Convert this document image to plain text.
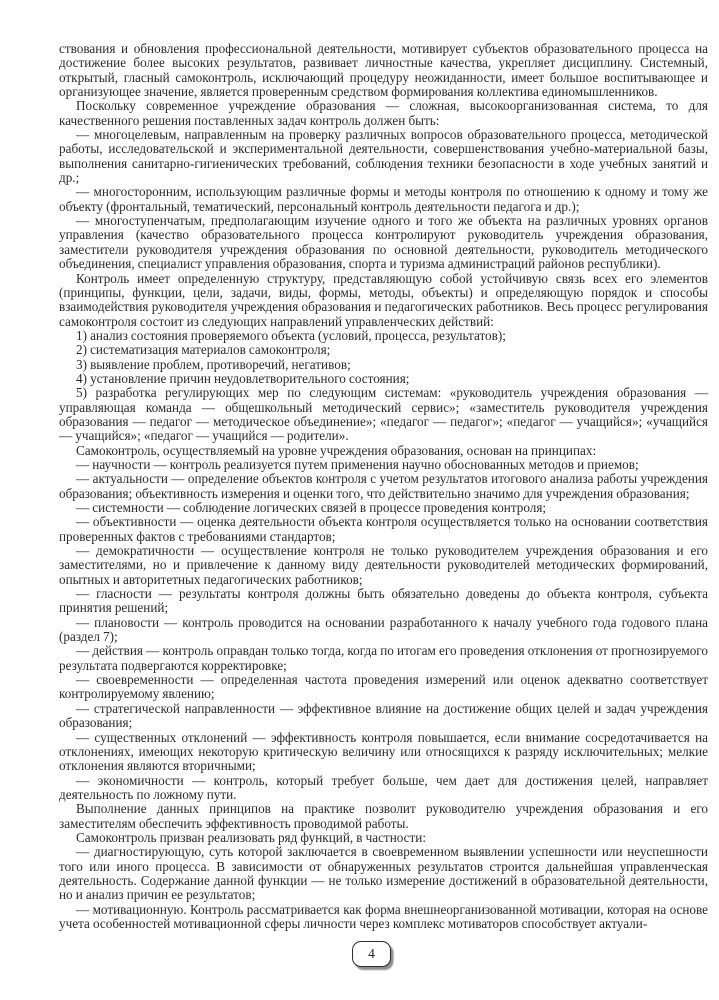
ствования и обновления профессиональной деятельности, мотивирует субъектов образовательного процесса на достижение более высоких результатов, развивает личностные качества, укрепляет дисциплину. Системный, открытый, гласный самоконтроль, исключающий процедуру неожиданности, имеет большое воспитывающее и организующее значение, является проверенным средством формирования коллектива единомышленников.

Поскольку современное учреждение образования — сложная, высокоорганизованная система, то для качественного решения поставленных задач контроль должен быть:

— многоцелевым, направленным на проверку различных вопросов образовательного процесса, методической работы, исследовательской и экспериментальной деятельности, совершенствования учебно-материальной базы, выполнения санитарно-гигиенических требований, соблюдения техники безопасности в ходе учебных занятий и др.;

— многосторонним, использующим различные формы и методы контроля по отношению к одному и тому же объекту (фронтальный, тематический, персональный контроль деятельности педагога и др.);

— многоступенчатым, предполагающим изучение одного и того же объекта на различных уровнях органов управления (качество образовательного процесса контролируют руководитель учреждения образования, заместители руководителя учреждения образования по основной деятельности, руководитель методического объединения, специалист управления образования, спорта и туризма администраций районов республики).

Контроль имеет определенную структуру, представляющую собой устойчивую связь всех его элементов (принципы, функции, цели, задачи, виды, формы, методы, объекты) и определяющую порядок и способы взаимодействия руководителя учреждения образования и педагогических работников. Весь процесс регулирования самоконтроля состоит из следующих направлений управленческих действий:

1) анализ состояния проверяемого объекта (условий, процесса, результатов);

2) систематизация материалов самоконтроля;

3) выявление проблем, противоречий, негативов;

4) установление причин неудовлетворительного состояния;

5) разработка регулирующих мер по следующим системам: «руководитель учреждения образования — управляющая команда — общешкольный методический сервис»; «заместитель руководителя учреждения образования — педагог — методическое объединение»; «педагог — педагог»; «педагог — учащийся»; «учащийся — учащийся»; «педагог — учащийся — родители».

Самоконтроль, осуществляемый на уровне учреждения образования, основан на принципах:

— научности — контроль реализуется путем применения научно обоснованных методов и приемов;

— актуальности — определение объектов контроля с учетом результатов итогового анализа работы учреждения образования; объективность измерения и оценки того, что действительно значимо для учреждения образования;

— системности — соблюдение логических связей в процессе проведения контроля;

— объективности — оценка деятельности объекта контроля осуществляется только на основании соответствия проверенных фактов с требованиями стандартов;

— демократичности — осуществление контроля не только руководителем учреждения образования и его заместителями, но и привлечение к данному виду деятельности руководителей методических формирований, опытных и авторитетных педагогических работников;

— гласности — результаты контроля должны быть обязательно доведены до объекта контроля, субъекта принятия решений;

— плановости — контроль проводится на основании разработанного к началу учебного года годового плана (раздел 7);

— действия — контроль оправдан только тогда, когда по итогам его проведения отклонения от прогнозируемого результата подвергаются корректировке;

— своевременности — определенная частота проведения измерений или оценок адекватно соответствует контролируемому явлению;

— стратегической направленности — эффективное влияние на достижение общих целей и задач учреждения образования;

— существенных отклонений — эффективность контроля повышается, если внимание сосредотачивается на отклонениях, имеющих некоторую критическую величину или относящихся к разряду исключительных; мелкие отклонения являются вторичными;

— экономичности — контроль, который требует больше, чем дает для достижения целей, направляет деятельность по ложному пути.

Выполнение данных принципов на практике позволит руководителю учреждения образования и его заместителям обеспечить эффективность проводимой работы.

Самоконтроль призван реализовать ряд функций, в частности:

— диагностирующую, суть которой заключается в своевременном выявлении успешности или неуспешности того или иного процесса. В зависимости от обнаруженных результатов строится дальнейшая управленческая деятельность. Содержание данной функции — не только измерение достижений в образовательной деятельности, но и анализ причин ее результатов;

— мотивационную. Контроль рассматривается как форма внешнеорганизованной мотивации, которая на основе учета особенностей мотивационной сферы личности через комплекс мотиваторов способствует актуали-

4
